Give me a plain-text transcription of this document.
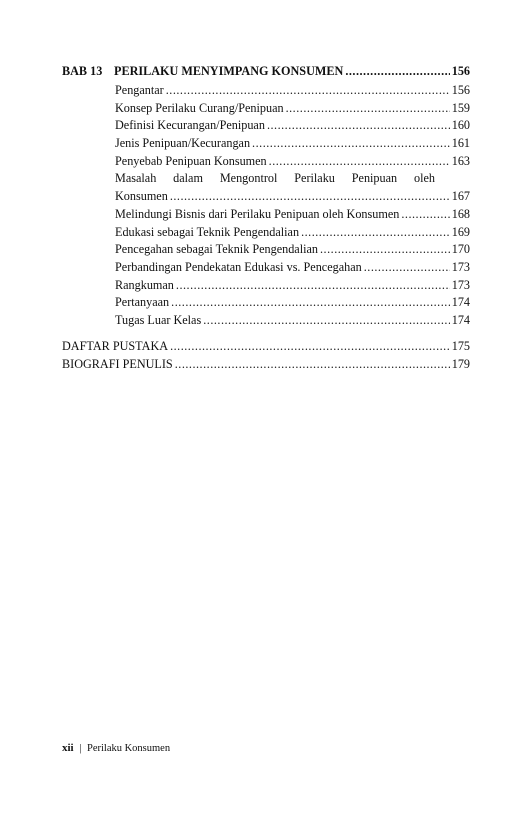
BAB 13 PERILAKU MENYIMPANG KONSUMEN .....	156
Pengantar .....	156
Konsep Perilaku Curang/Penipuan .....	159
Definisi Kecurangan/Penipuan .....	160
Jenis Penipuan/Kecurangan .....	161
Penyebab Penipuan Konsumen .....	163
Masalah dalam Mengontrol Perilaku Penipuan oleh
Konsumen .....	167
Melindungi Bisnis dari Perilaku Penipuan oleh Konsumen .....	168
Edukasi sebagai Teknik Pengendalian .....	169
Pencegahan sebagai Teknik Pengendalian .....	170
Perbandingan Pendekatan Edukasi vs. Pencegahan .....	173
Rangkuman .....	173
Pertanyaan .....	174
Tugas Luar Kelas .....	174
DAFTAR PUSTAKA .....	175
BIOGRAFI PENULIS .....	179
xii | Perilaku Konsumen
